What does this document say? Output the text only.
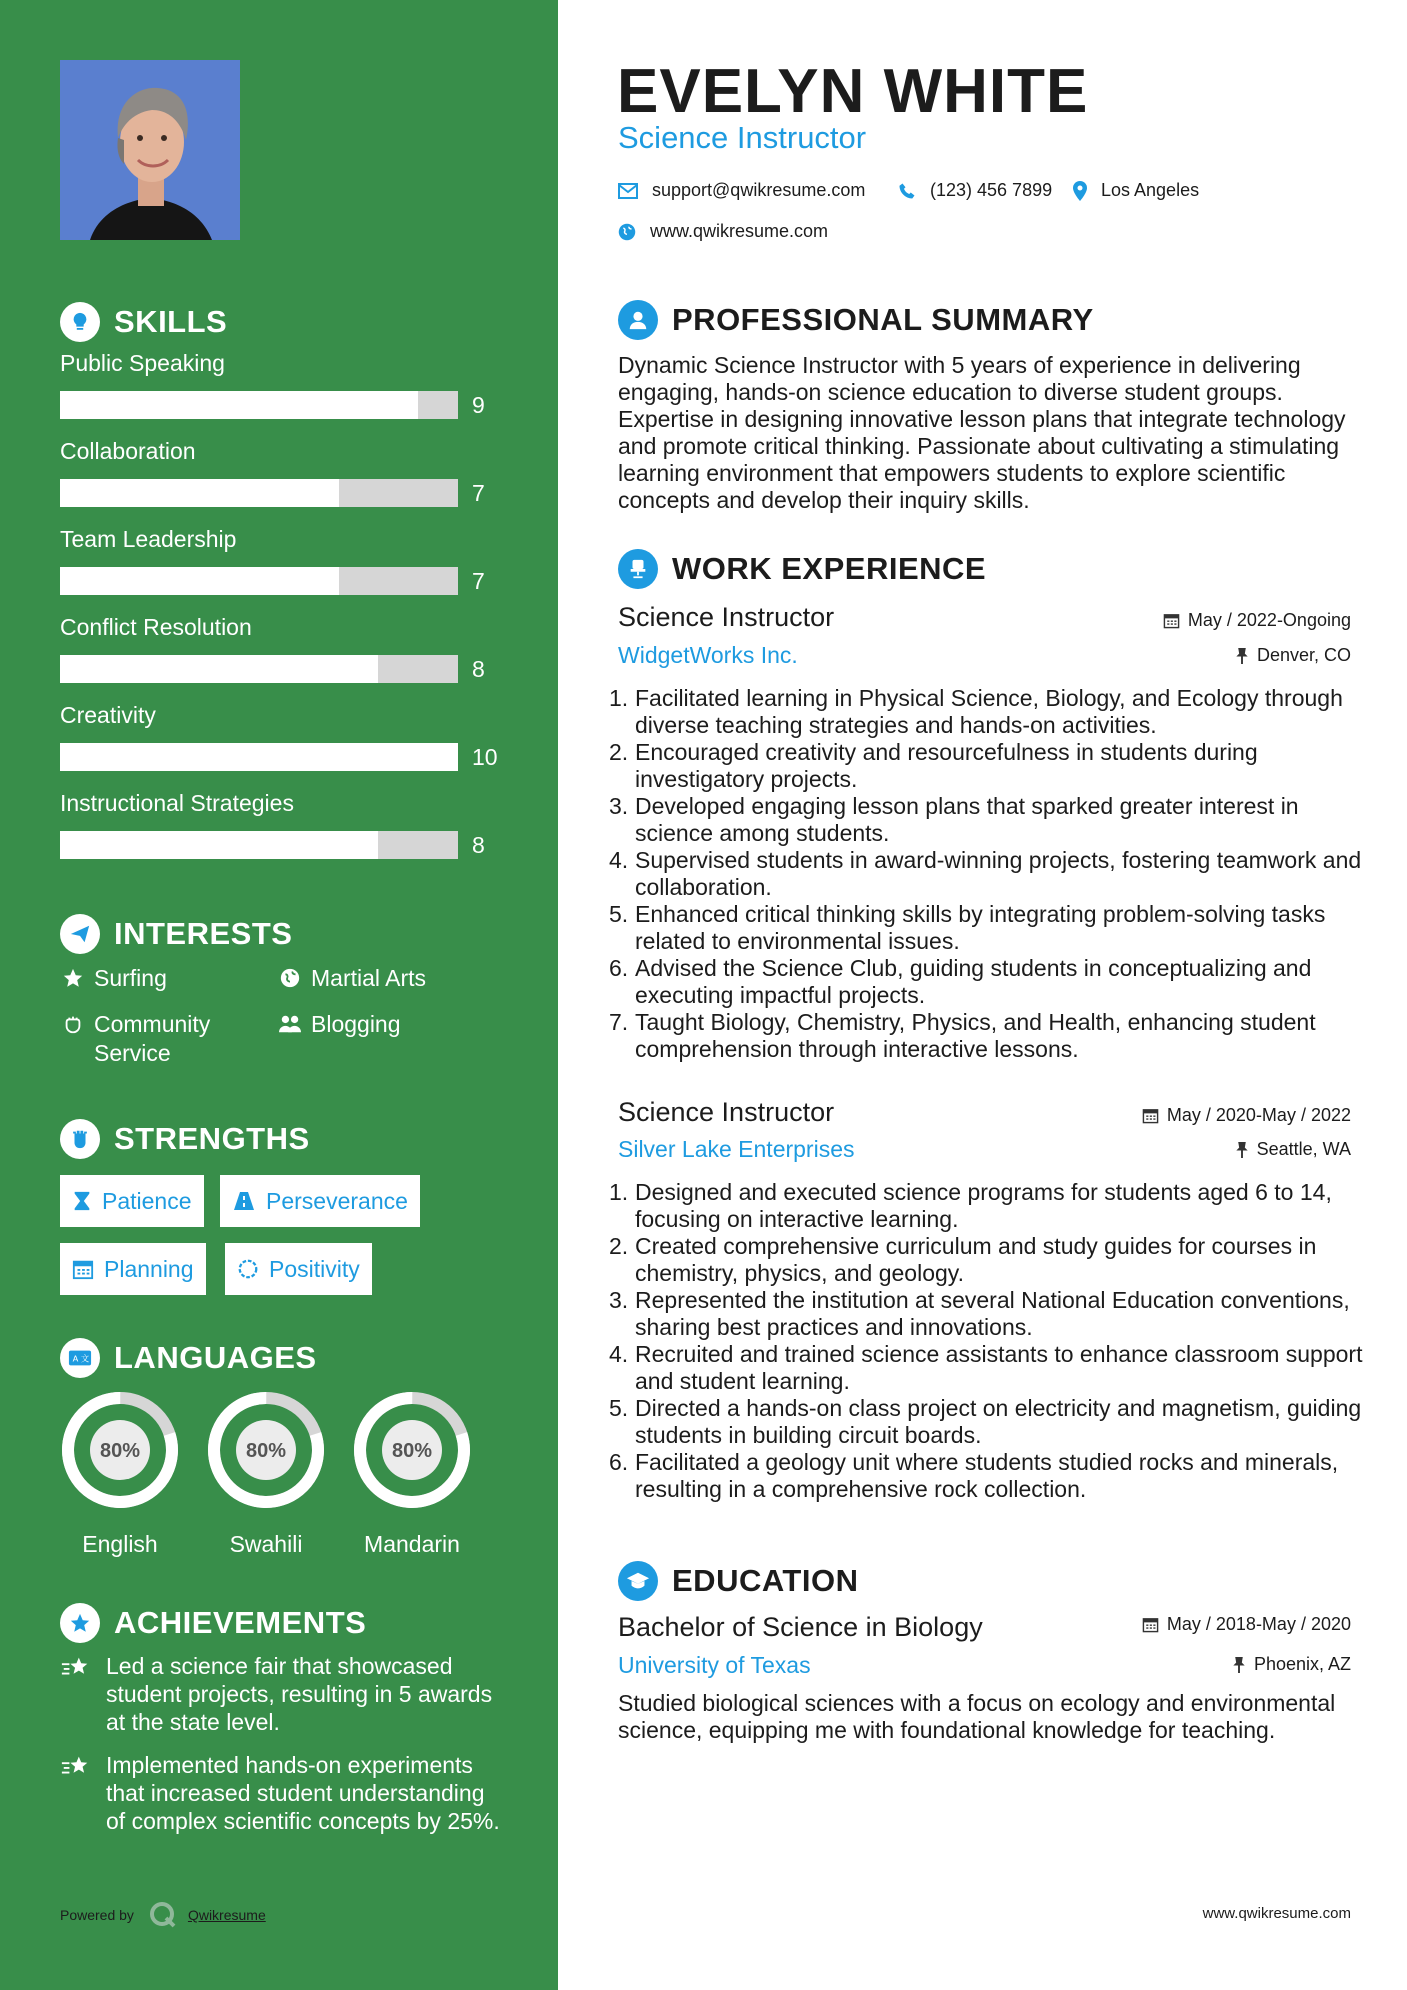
SKILLS
Public Speaking
9
Collaboration
7
Team Leadership
7
Conflict Resolution
8
Creativity
10
Instructional Strategies
8
INTERESTS
Surfing	Martial Arts
Community Service
Blogging
STRENGTHS
Patience	Perseverance
Planning	Positivity
A 文 LANGUAGES
80%
English
80%
Swahili
80%
Mandarin
ACHIEVEMENTS
Led a science fair that showcased student projects, resulting in 5 awards at the state level.
Implemented hands-on experiments that increased student understanding of complex scientific concepts by 25%.
Powered by	Qwikresume
EVELYN WHITE
Science Instructor
support@qwikresume.com	(123) 456 7899	Los Angeles
www.qwikresume.com
PROFESSIONAL SUMMARY
Dynamic Science Instructor with 5 years of experience in delivering engaging, hands-on science education to diverse student groups. Expertise in designing innovative lesson plans that integrate technology and promote critical thinking. Passionate about cultivating a stimulating learning environment that empowers students to explore scientific concepts and develop their inquiry skills.
WORK EXPERIENCE
Science Instructor	May / 2022-Ongoing
WidgetWorks Inc.	Denver, CO
1. Facilitated learning in Physical Science, Biology, and Ecology through diverse teaching strategies and hands-on activities.
2. Encouraged creativity and resourcefulness in students during investigatory projects.
3. Developed engaging lesson plans that sparked greater interest in science among students.
4. Supervised students in award-winning projects, fostering teamwork and collaboration.
5. Enhanced critical thinking skills by integrating problem-solving tasks related to environmental issues.
6. Advised the Science Club, guiding students in conceptualizing and executing impactful projects.
7. Taught Biology, Chemistry, Physics, and Health, enhancing student comprehension through interactive lessons.
Science Instructor	May / 2020-May / 2022
Silver Lake Enterprises	Seattle, WA
1. Designed and executed science programs for students aged 6 to 14, focusing on interactive learning.
2. Created comprehensive curriculum and study guides for courses in chemistry, physics, and geology.
3. Represented the institution at several National Education conventions, sharing best practices and innovations.
4. Recruited and trained science assistants to enhance classroom support and student learning.
5. Directed a hands-on class project on electricity and magnetism, guiding students in building circuit boards.
6. Facilitated a geology unit where students studied rocks and minerals, resulting in a comprehensive rock collection.
EDUCATION
Bachelor of Science in Biology	May / 2018-May / 2020
University of Texas	Phoenix, AZ
Studied biological sciences with a focus on ecology and environmental science, equipping me with foundational knowledge for teaching.
www.qwikresume.com
